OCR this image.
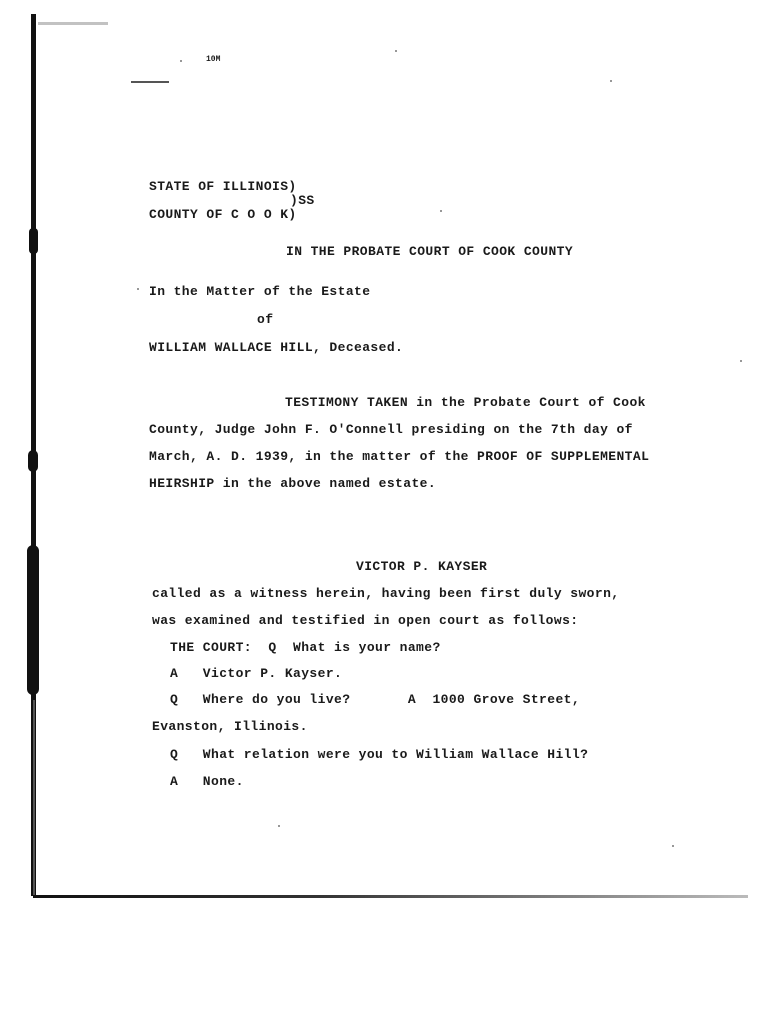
10M
STATE OF ILLINOIS)
)SS
COUNTY OF C O O K)
IN THE PROBATE COURT OF COOK COUNTY
In the Matter of the Estate
of
WILLIAM WALLACE HILL, Deceased.
TESTIMONY TAKEN in the Probate Court of Cook
County, Judge John F. O'Connell presiding on the 7th day of
March, A. D. 1939, in the matter of the PROOF OF SUPPLEMENTAL
HEIRSHIP in the above named estate.
VICTOR P. KAYSER
called as a witness herein, having been first duly sworn,
was examined and testified in open court as follows:
THE COURT:  Q  What is your name?
A   Victor P. Kayser.
Q   Where do you live?       A  1000 Grove Street,
Evanston, Illinois.
Q   What relation were you to William Wallace Hill?
A   None.
